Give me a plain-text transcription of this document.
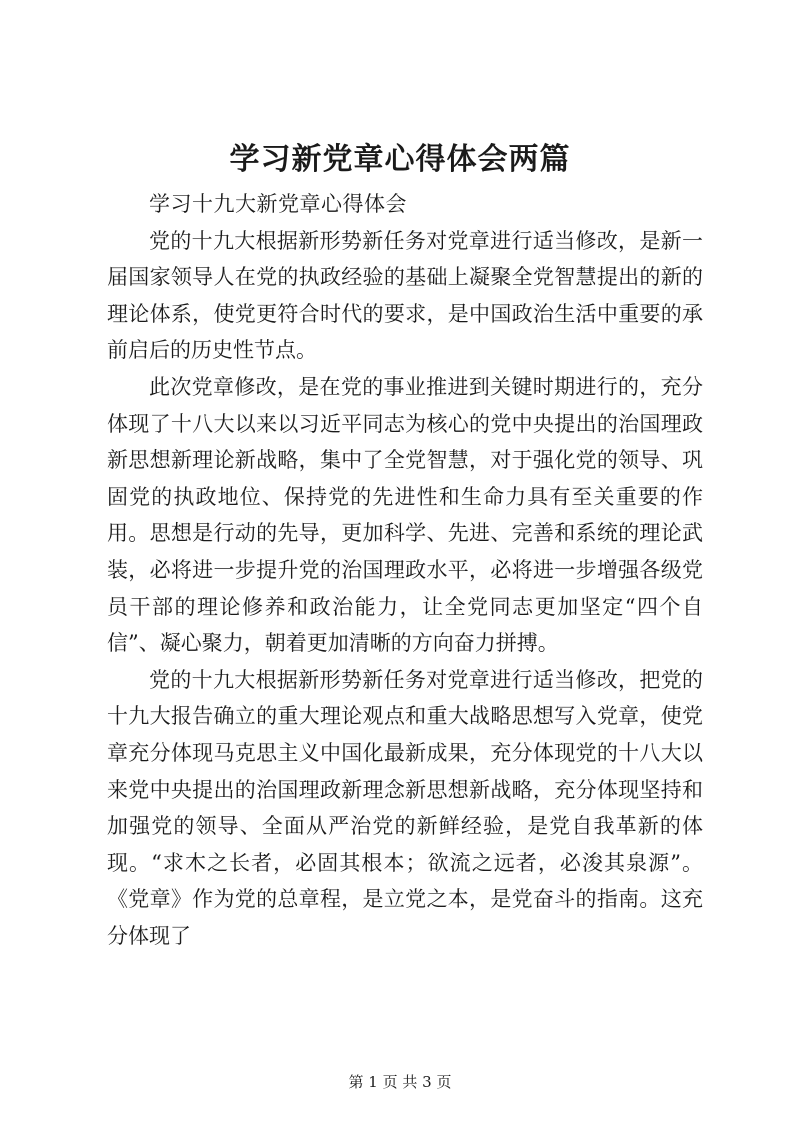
学习新党章心得体会两篇

学习十九大新党章心得体会

党的十九大根据新形势新任务对党章进行适当修改，是新一届国家领导人在党的执政经验的基础上凝聚全党智慧提出的新的理论体系，使党更符合时代的要求，是中国政治生活中重要的承前启后的历史性节点。

此次党章修改，是在党的事业推进到关键时期进行的，充分体现了十八大以来以习近平同志为核心的党中央提出的治国理政新思想新理论新战略，集中了全党智慧，对于强化党的领导、巩固党的执政地位、保持党的先进性和生命力具有至关重要的作用。思想是行动的先导，更加科学、先进、完善和系统的理论武装，必将进一步提升党的治国理政水平，必将进一步增强各级党员干部的理论修养和政治能力，让全党同志更加坚定“四个自信”、凝心聚力，朝着更加清晰的方向奋力拼搏。

党的十九大根据新形势新任务对党章进行适当修改，把党的十九大报告确立的重大理论观点和重大战略思想写入党章，使党章充分体现马克思主义中国化最新成果，充分体现党的十八大以来党中央提出的治国理政新理念新思想新战略，充分体现坚持和加强党的领导、全面从严治党的新鲜经验，是党自我革新的体现。“求木之长者，必固其根本；欲流之远者，必浚其泉源”。《党章》作为党的总章程，是立党之本，是党奋斗的指南。这充分体现了

第 1 页 共 3 页
